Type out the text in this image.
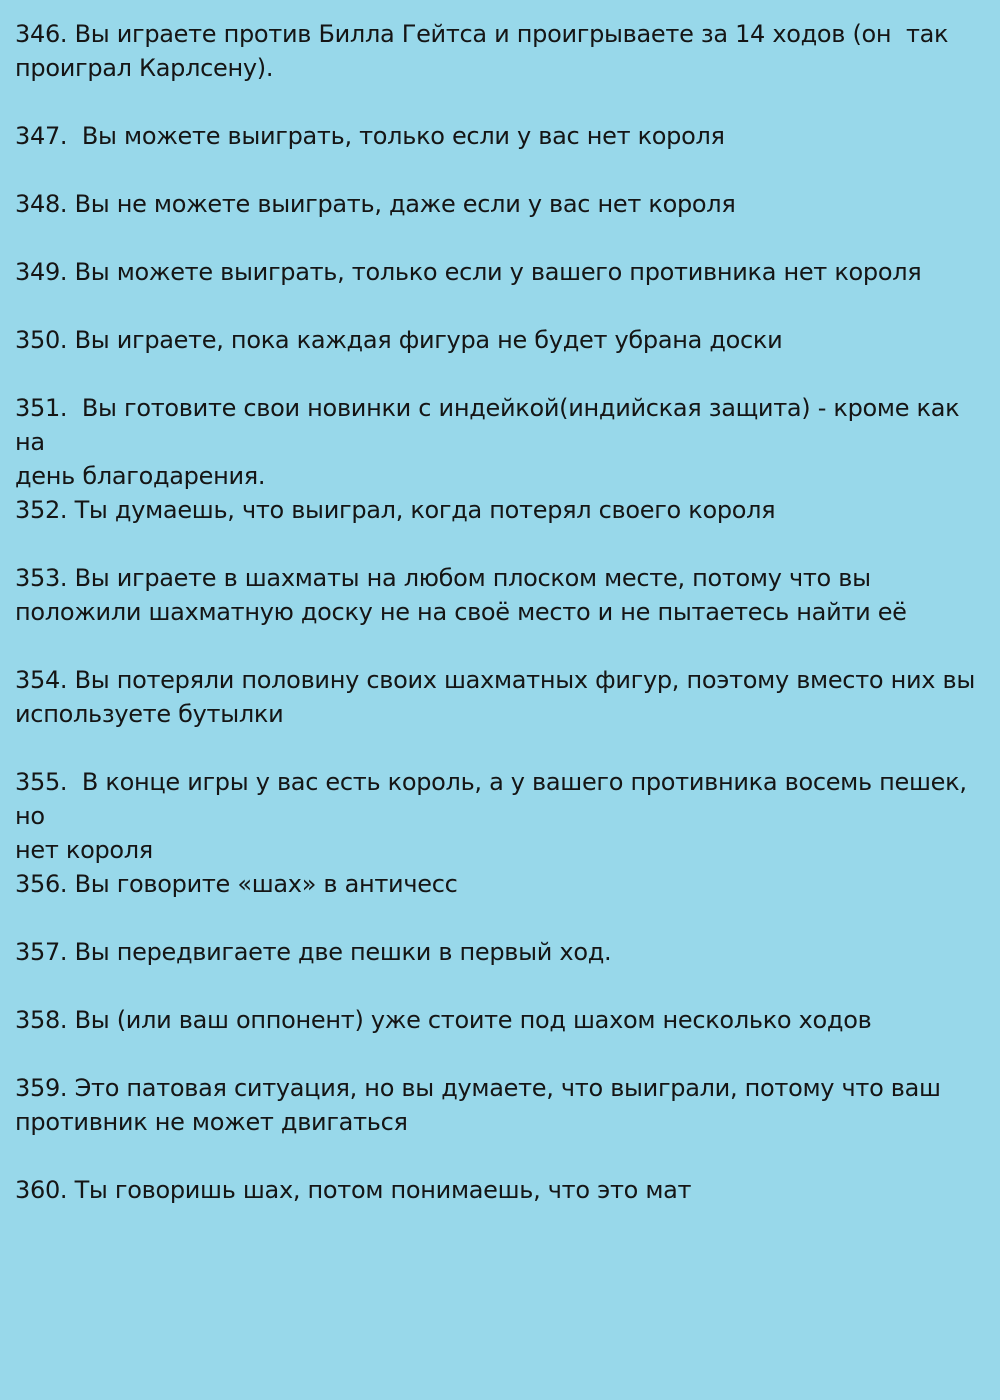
346. Вы играете против Билла Гейтса и проигрываете за 14 ходов (он  так
проиграл Карлсену).

347.  Вы можете выиграть, только если у вас нет короля

348. Вы не можете выиграть, даже если у вас нет короля

349. Вы можете выиграть, только если у вашего противника нет короля

350. Вы играете, пока каждая фигура не будет убрана доски

351.  Вы готовите свои новинки с индейкой(индийская защита) - кроме как на
день благодарения.

352. Ты думаешь, что выиграл, когда потерял своего короля

353. Вы играете в шахматы на любом плоском месте, потому что вы
положили шахматную доску не на своё место и не пытаетесь найти её

354. Вы потеряли половину своих шахматных фигур, поэтому вместо них вы
используете бутылки

355.  В конце игры у вас есть король, а у вашего противника восемь пешек, но
нет короля

356. Вы говорите «шах» в античесс

357. Вы передвигаете две пешки в первый ход.

358. Вы (или ваш оппонент) уже стоите под шахом несколько ходов

359. Это патовая ситуация, но вы думаете, что выиграли, потому что ваш
противник не может двигаться

360. Ты говоришь шах, потом понимаешь, что это мат
